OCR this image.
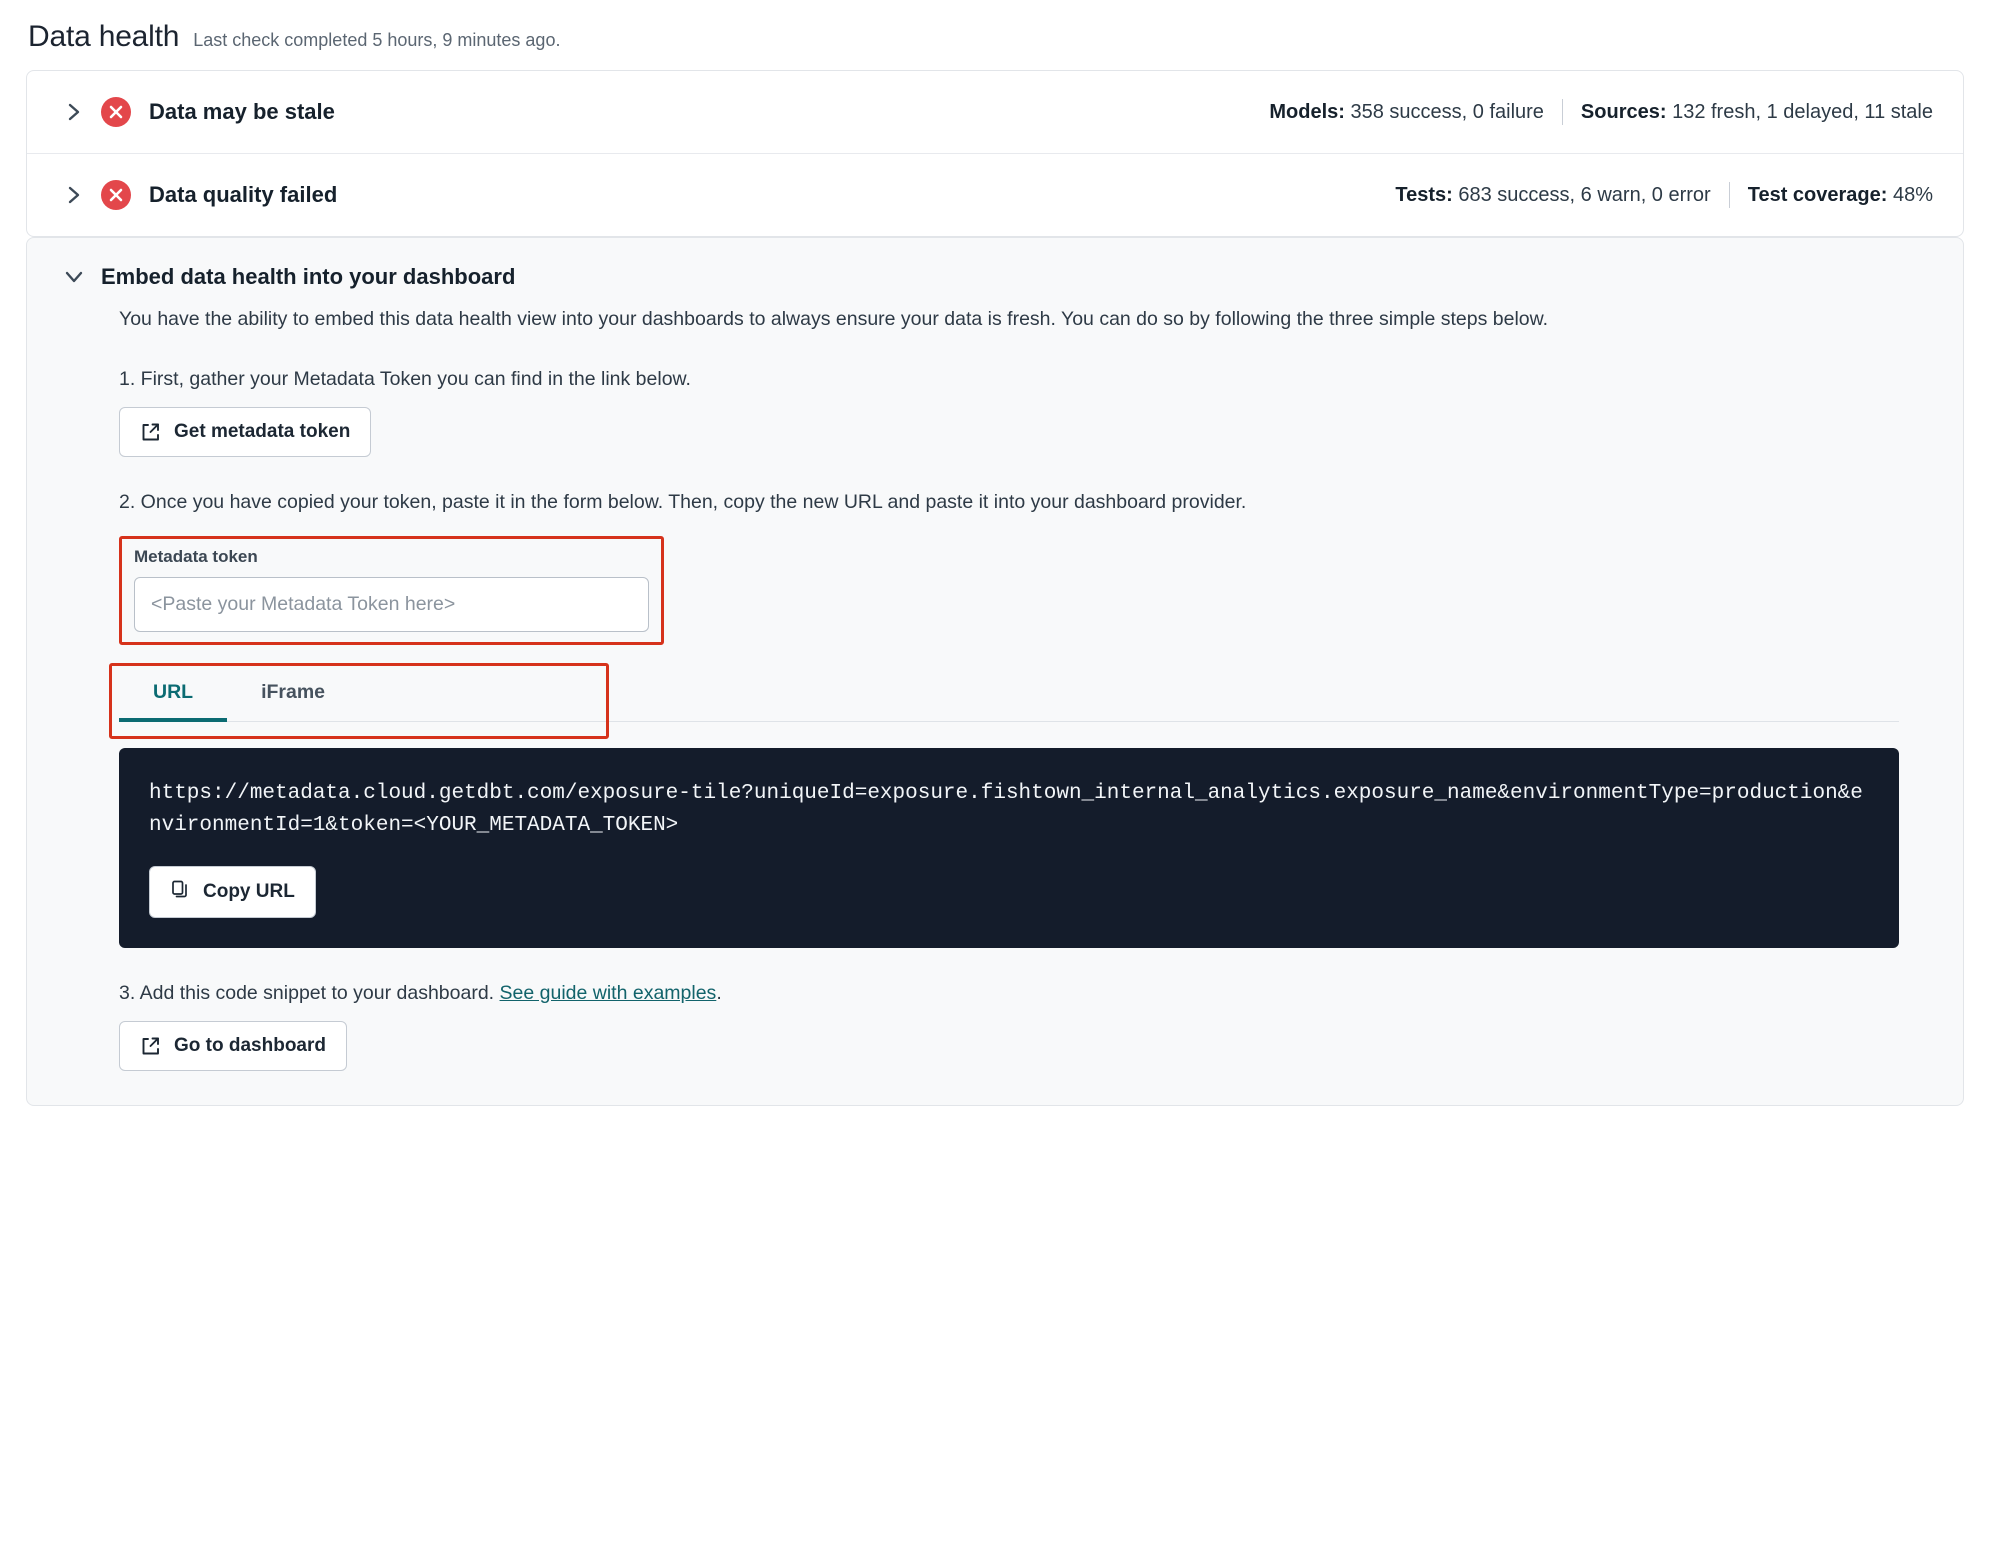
Data health Last check completed 5 hours, 9 minutes ago.
Data may be stale	Models: 358 success, 0 failure Sources: 132 fresh, 1 delayed, 11 stale
Data quality failed	Tests: 683 success, 6 warn, 0 error Test coverage: 48%
Embed data health into your dashboard
You have the ability to embed this data health view into your dashboards to always ensure your data is fresh. You can do so by following the three simple steps below.
1. First, gather your Metadata Token you can find in the link below.
Get metadata token
2. Once you have copied your token, paste it in the form below. Then, copy the new URL and paste it into your dashboard provider.
Metadata token
<Paste your Metadata Token here>
URL	iFrame
https://metadata.cloud.getdbt.com/exposure-tile?uniqueId=exposure.fishtown_internal_analytics.exposure_name&environmentType=production&environmentId=1&token=<YOUR_METADATA_TOKEN>
Copy URL
3. Add this code snippet to your dashboard. See guide with examples.
Go to dashboard
